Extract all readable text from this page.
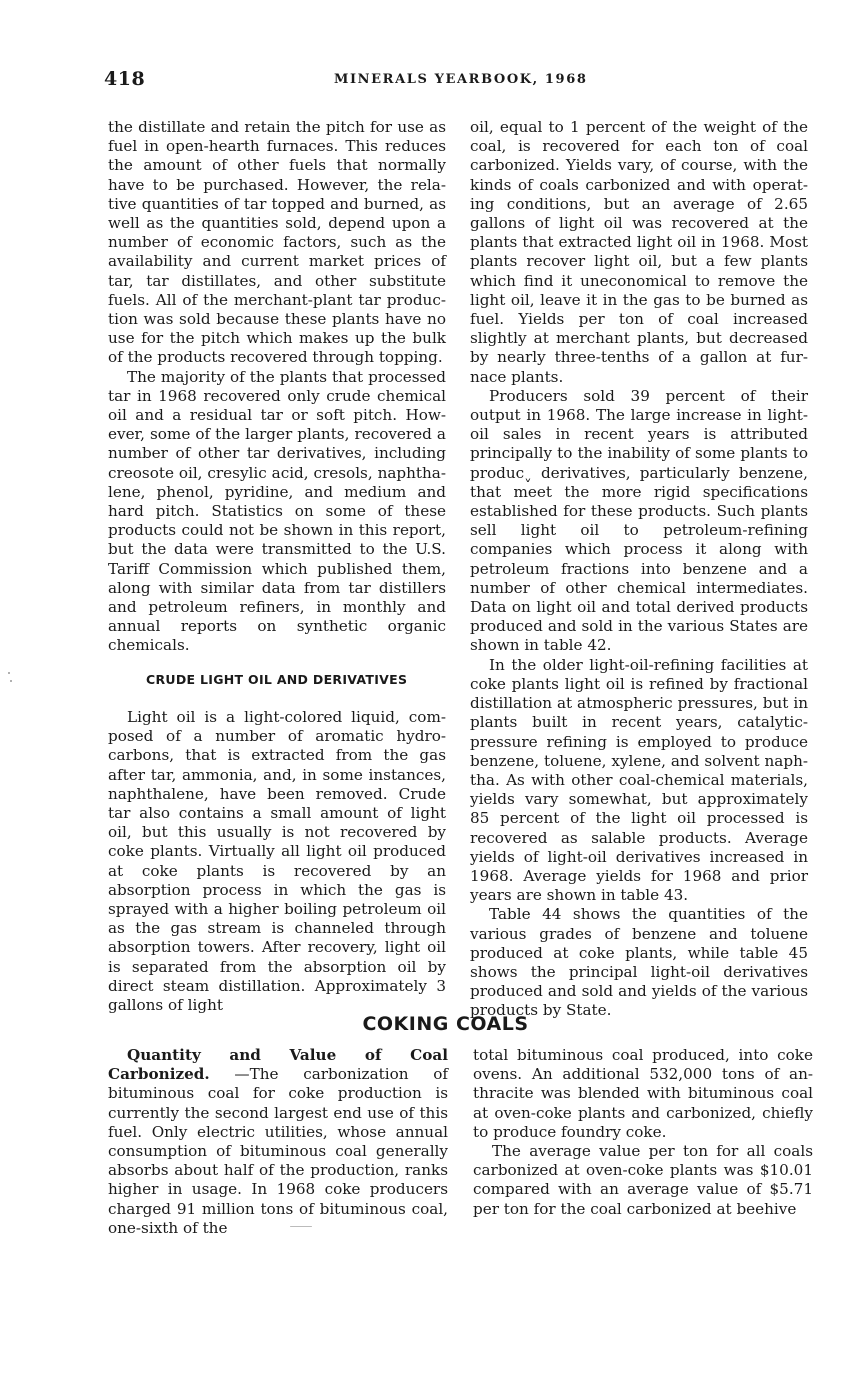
418	MINERALS YEARBOOK, 1968

the distillate and retain the pitch for use as fuel in open-hearth furnaces. This reduces the amount of other fuels that normally have to be purchased. However, the relative quantities of tar topped and burned, as well as the quantities sold, depend upon a number of economic factors, such as the availability and current market prices of tar, tar distillates, and other substitute fuels. All of the merchant-plant tar production was sold because these plants have no use for the pitch which makes up the bulk of the products recovered through topping.

The majority of the plants that processed tar in 1968 recovered only crude chemical oil and a residual tar or soft pitch. However, some of the larger plants, recovered a number of other tar derivatives, including creosote oil, cresylic acid, cresols, naphthalene, phenol, pyridine, and medium and hard pitch. Statistics on some of these products could not be shown in this report, but the data were transmitted to the U.S. Tariff Commission which published them, along with similar data from tar distillers and petroleum refiners, in monthly and annual reports on synthetic organic chemicals.

CRUDE LIGHT OIL AND DERIVATIVES

Light oil is a light-colored liquid, composed of a number of aromatic hydrocarbons, that is extracted from the gas after tar, ammonia, and, in some instances, naphthalene, have been removed. Crude tar also contains a small amount of light oil, but this usually is not recovered by coke plants. Virtually all light oil produced at coke plants is recovered by an absorption process in which the gas is sprayed with a higher boiling petroleum oil as the gas stream is channeled through absorption towers. After recovery, light oil is separated from the absorption oil by direct steam distillation. Approximately 3 gallons of light

oil, equal to 1 percent of the weight of the coal, is recovered for each ton of coal carbonized. Yields vary, of course, with the kinds of coals carbonized and with operating conditions, but an average of 2.65 gallons of light oil was recovered at the plants that extracted light oil in 1968. Most plants recover light oil, but a few plants which find it uneconomical to remove the light oil, leave it in the gas to be burned as fuel. Yields per ton of coal increased slightly at merchant plants, but decreased by nearly three-tenths of a gallon at furnace plants.

Producers sold 39 percent of their output in 1968. The large increase in light-oil sales in recent years is attributed principally to the inability of some plants to producˬ derivatives, particularly benzene, that meet the more rigid specifications established for these products. Such plants sell light oil to petroleum-refining companies which process it along with petroleum fractions into benzene and a number of other chemical intermediates. Data on light oil and total derived products produced and sold in the various States are shown in table 42.

In the older light-oil-refining facilities at coke plants light oil is refined by fractional distillation at atmospheric pressures, but in plants built in recent years, catalytic-pressure refining is employed to produce benzene, toluene, xylene, and solvent naphtha. As with other coal-chemical materials, yields vary somewhat, but approximately 85 percent of the light oil processed is recovered as salable products. Average yields of light-oil derivatives increased in 1968. Average yields for 1968 and prior years are shown in table 43.

Table 44 shows the quantities of the various grades of benzene and toluene produced at coke plants, while table 45 shows the principal light-oil derivatives produced and sold and yields of the various products by State.

COKING COALS

Quantity and Value of Coal Carbonized. —The carbonization of bituminous coal for coke production is currently the second largest end use of this fuel. Only electric utilities, whose annual consumption of bituminous coal generally absorbs about half of the production, ranks higher in usage. In 1968 coke producers charged 91 million tons of bituminous coal, one-sixth of the

total bituminous coal produced, into coke ovens. An additional 532,000 tons of anthracite was blended with bituminous coal at oven-coke plants and carbonized, chiefly to produce foundry coke.

The average value per ton for all coals carbonized at oven-coke plants was $10.01 compared with an average value of $5.71 per ton for the coal carbonized at beehive
